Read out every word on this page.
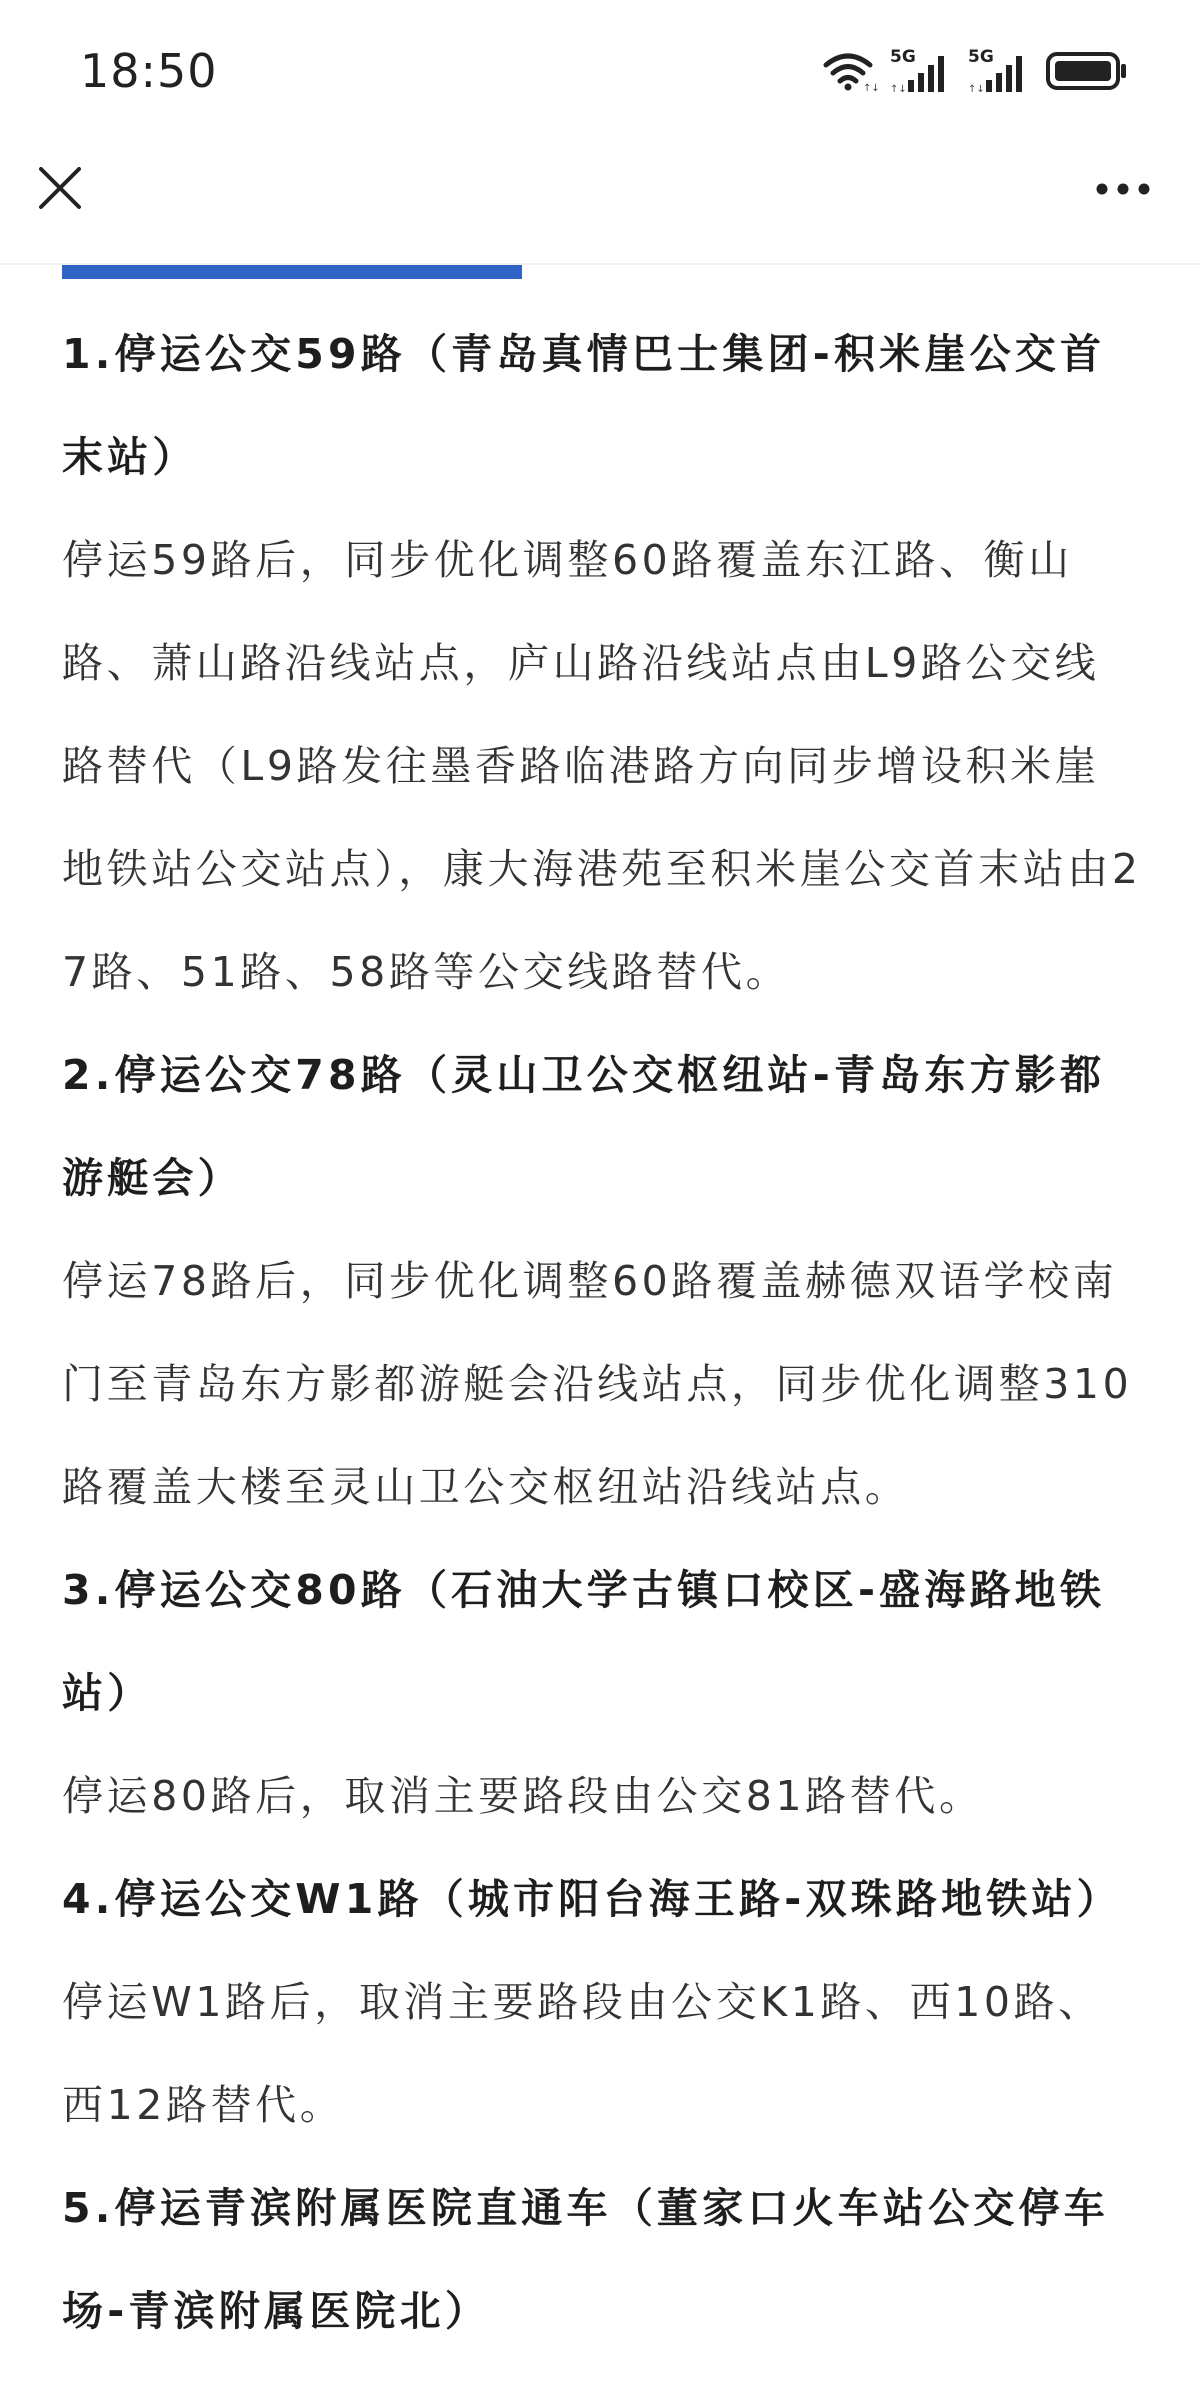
18:50	↑↓
5G
↑↓
5G
↑↓

1.停运公交59路（青岛真情巴士集团-积米崖公交首末站）

停运59路后，同步优化调整60路覆盖东江路、衡山路、萧山路沿线站点，庐山路沿线站点由L9路公交线路替代（L9路发往墨香路临港路方向同步增设积米崖地铁站公交站点），康大海港苑至积米崖公交首末站由27路、51路、58路等公交线路替代。

2.停运公交78路（灵山卫公交枢纽站-青岛东方影都游艇会）

停运78路后，同步优化调整60路覆盖赫德双语学校南门至青岛东方影都游艇会沿线站点，同步优化调整310路覆盖大楼至灵山卫公交枢纽站沿线站点。

3.停运公交80路（石油大学古镇口校区-盛海路地铁站）

停运80路后，取消主要路段由公交81路替代。

4.停运公交W1路（城市阳台海王路-双珠路地铁站）

停运W1路后，取消主要路段由公交K1路、西10路、西12路替代。

5.停运青滨附属医院直通车（董家口火车站公交停车场-青滨附属医院北）
